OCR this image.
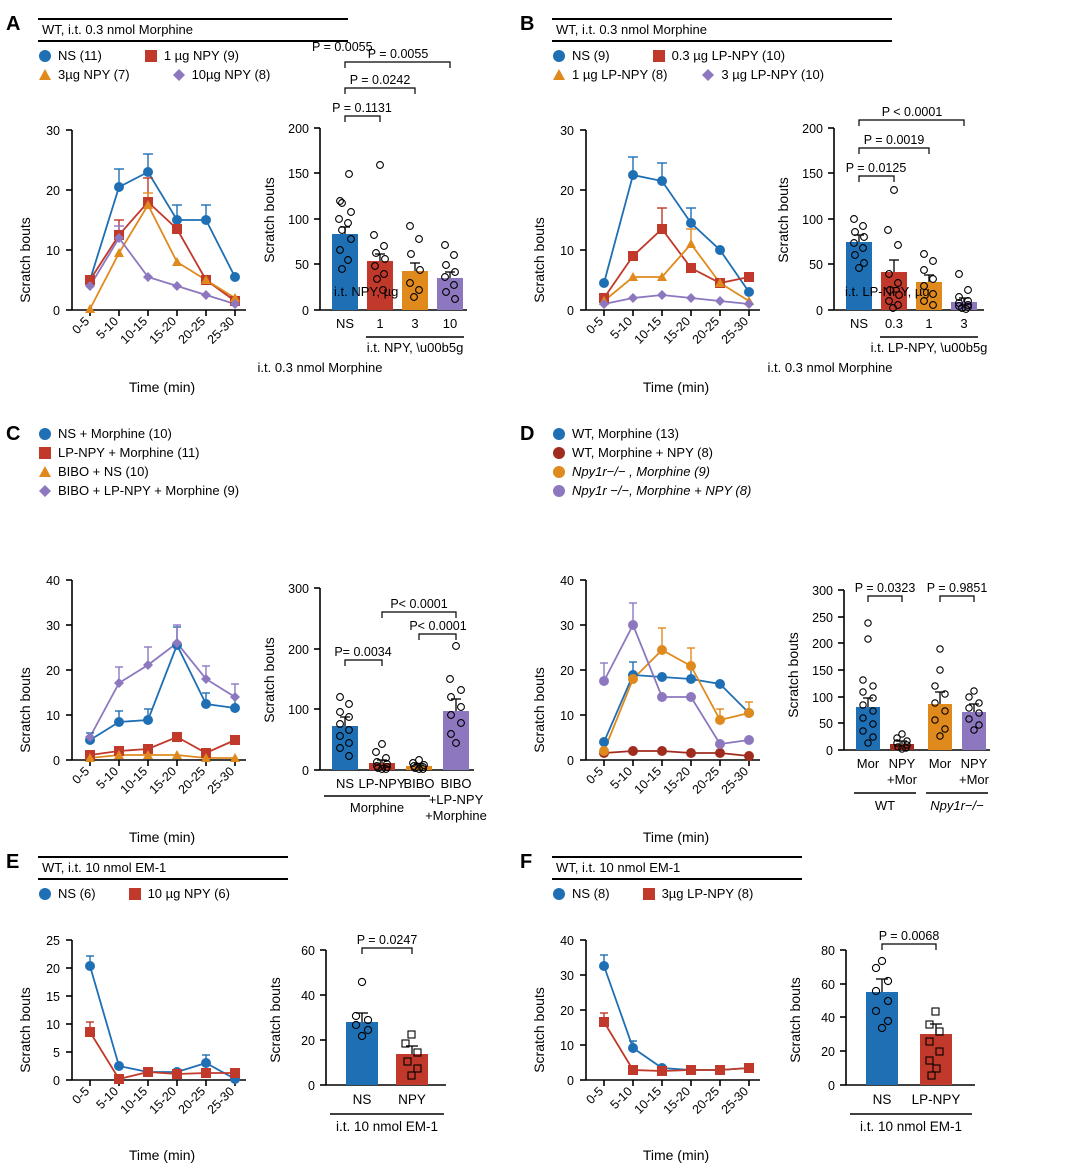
A	WT, i.t. 0.3 nmol Morphine
NS (11)	1 µg NPY (9)
3µg NPY (7)	10µg NPY (8)
0
10
20
30
Scratch bouts
0-5 5-10
10-15
15-20
20-25
25-30
Time (min)
0
50
100
150
200
Scratch bouts
P = 0.1131
P = 0.0242
P = 0.0055
NS 1 3 10
i.t. NPY, \u00b5g
P = 0.0055
i.t. NPY, µg
i.t. 0.3 nmol Morphine
B	WT, i.t. 0.3 nmol Morphine
NS (9)	0.3 µg LP-NPY (10)
1 µg LP-NPY (8)	3 µg LP-NPY (10)
0
10
20
30
Scratch bouts
0-5 5-10
10-15
15-20
20-25
25-30
Time (min)
0
50
100
150
200
Scratch bouts
P = 0.0125
P = 0.0019
P < 0.0001
NS 0.3 1 3
i.t. LP-NPY, \u00b5g
i.t. LP-NPY, µg
i.t. 0.3 nmol Morphine
C	NS + Morphine (10)
LP-NPY + Morphine (11)
BIBO + NS (10)
BIBO + LP-NPY + Morphine (9)
0
10
20
30
40
Scratch bouts
0-5 5-10
10-15
15-20
20-25
25-30
Time (min)
0
100
200
300
Scratch bouts	P= 0.0034
P< 0.0001
P< 0.0001
NS LP-NPY
BIBO BIBO
+LP-NPY
+Morphine
Morphine
D	WT, Morphine (13)
WT, Morphine + NPY (8)
Npy1r−/− , Morphine (9)
Npy1r −/−, Morphine + NPY (8)
0
10
20
30
40
Scratch bouts
0-5 5-10
10-15
15-20
20-25
25-30
Time (min)
0
50
100
150
200
250
300
Scratch bouts
P = 0.0323 P = 0.9851
Mor NPY
+Mor
Mor NPY
+Mor
WT	Npy1r−/−
E	WT, i.t. 10 nmol EM-1
NS (6)	10 µg NPY (6)
0
5
10
15
20
25
Scratch bouts
0-5 5-10
10-15
15-20
20-25
25-30
Time (min)
0
20
40
60
Scratch bouts
P = 0.0247
NS NPY
i.t. 10 nmol EM-1
F	WT, i.t. 10 nmol EM-1
NS (8)	3µg LP-NPY (8)
0
10
20
30
40
Scratch bouts
0-5 5-10
10-15
15-20
20-25
25-30
Time (min)
0
20
40
60
80
Scratch bouts
P = 0.0068
NS LP-NPY
i.t. 10 nmol EM-1
